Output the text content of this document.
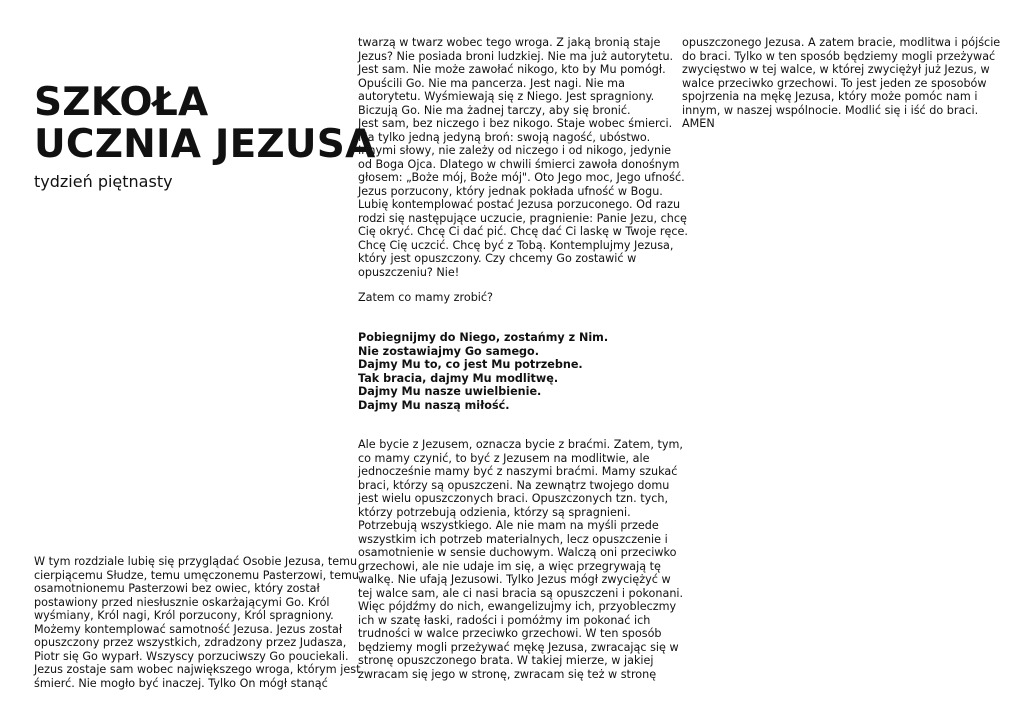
SZKOŁA
UCZNIA JEZUSA
tydzień piętnasty

W tym rozdziale lubię się przyglądać Osobie Jezusa, temu
cierpiącemu Słudze, temu umęczonemu Pasterzowi, temu
osamotnionemu Pasterzowi bez owiec, który został
postawiony przed niesłusznie oskarżającymi Go. Król
wyśmiany, Król nagi, Król porzucony, Król spragniony.
Możemy kontemplować samotność Jezusa. Jezus został
opuszczony przez wszystkich, zdradzony przez Judasza,
Piotr się Go wyparł. Wszyscy porzuciwszy Go pouciekali.
Jezus zostaje sam wobec największego wroga, którym jest
śmierć. Nie mogło być inaczej. Tylko On mógł stanąć

twarzą w twarz wobec tego wroga. Z jaką bronią staje
Jezus? Nie posiada broni ludzkiej. Nie ma już autorytetu.
Jest sam. Nie może zawołać nikogo, kto by Mu pomógł.
Opuścili Go. Nie ma pancerza. Jest nagi. Nie ma
autorytetu. Wyśmiewają się z Niego. Jest spragniony.
Biczują Go. Nie ma żadnej tarczy, aby się bronić.
Jest sam, bez niczego i bez nikogo. Staje wobec śmierci.
Ma tylko jedną jedyną broń: swoją nagość, ubóstwo.
Innymi słowy, nie zależy od niczego i od nikogo, jedynie
od Boga Ojca. Dlatego w chwili śmierci zawoła donośnym
głosem: „Boże mój, Boże mój". Oto Jego moc, Jego ufność.
Jezus porzucony, który jednak pokłada ufność w Bogu.
Lubię kontemplować postać Jezusa porzuconego. Od razu
rodzi się następujące uczucie, pragnienie: Panie Jezu, chcę
Cię okryć. Chcę Ci dać pić. Chcę dać Ci laskę w Twoje ręce.
Chcę Cię uczcić. Chcę być z Tobą. Kontemplujmy Jezusa,
który jest opuszczony. Czy chcemy Go zostawić w
opuszczeniu? Nie!

Zatem co mamy zrobić?

Pobiegnijmy do Niego, zostańmy z Nim.
Nie zostawiajmy Go samego.
Dajmy Mu to, co jest Mu potrzebne.
Tak bracia, dajmy Mu modlitwę.
Dajmy Mu nasze uwielbienie.
Dajmy Mu naszą miłość.

Ale bycie z Jezusem, oznacza bycie z braćmi. Zatem, tym,
co mamy czynić, to być z Jezusem na modlitwie, ale
jednocześnie mamy być z naszymi braćmi. Mamy szukać
braci, którzy są opuszczeni. Na zewnątrz twojego domu
jest wielu opuszczonych braci. Opuszczonych tzn. tych,
którzy potrzebują odzienia, którzy są spragnieni.
Potrzebują wszystkiego. Ale nie mam na myśli przede
wszystkim ich potrzeb materialnych, lecz opuszczenie i
osamotnienie w sensie duchowym. Walczą oni przeciwko
grzechowi, ale nie udaje im się, a więc przegrywają tę
walkę. Nie ufają Jezusowi. Tylko Jezus mógł zwyciężyć w
tej walce sam, ale ci nasi bracia są opuszczeni i pokonani.
Więc pójdźmy do nich, ewangelizujmy ich, przyobleczmy
ich w szatę łaski, radości i pomóżmy im pokonać ich
trudności w walce przeciwko grzechowi. W ten sposób
będziemy mogli przeżywać mękę Jezusa, zwracając się w
stronę opuszczonego brata. W takiej mierze, w jakiej
zwracam się jego w stronę, zwracam się też w stronę

opuszczonego Jezusa. A zatem bracie, modlitwa i pójście
do braci. Tylko w ten sposób będziemy mogli przeżywać
zwycięstwo w tej walce, w której zwyciężył już Jezus, w
walce przeciwko grzechowi. To jest jeden ze sposobów
spojrzenia na mękę Jezusa, który może pomóc nam i
innym, w naszej wspólnocie. Modlić się i iść do braci.
AMEN
